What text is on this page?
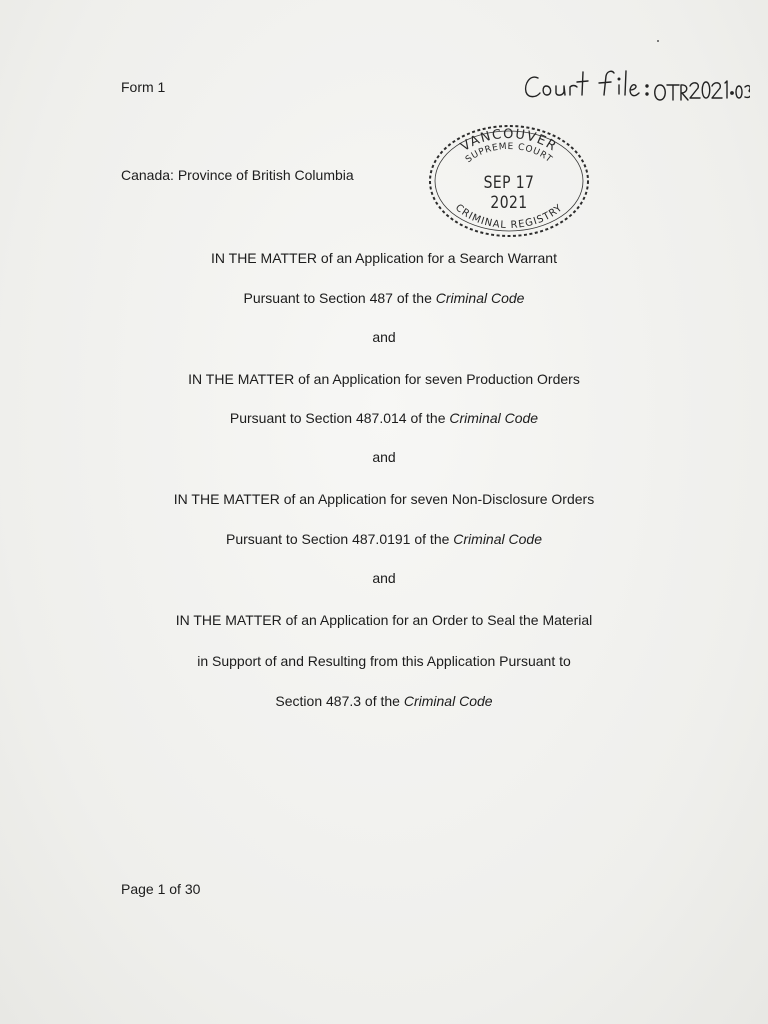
Form 1
Canada: Province of British Columbia
VANCOUVER
SUPREME COURT
CRIMINAL REGISTRY
SEP 17 2021
IN THE MATTER of an Application for a Search Warrant
Pursuant to Section 487 of the Criminal Code
and
IN THE MATTER of an Application for seven Production Orders
Pursuant to Section 487.014 of the Criminal Code
and
IN THE MATTER of an Application for seven Non-Disclosure Orders
Pursuant to Section 487.0191 of the Criminal Code
and
IN THE MATTER of an Application for an Order to Seal the Material
in Support of and Resulting from this Application Pursuant to
Section 487.3 of the Criminal Code
Page 1 of 30
